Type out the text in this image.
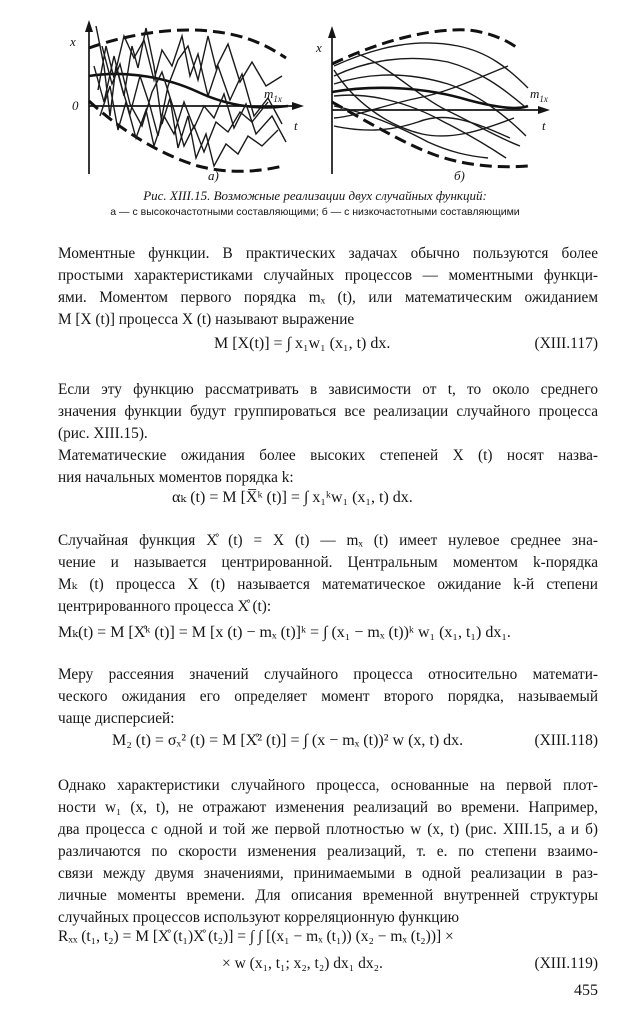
x
0
t
$m_{1x}$
а)
x
t
$m_{1x}$
б)
Рис. XIII.15. Возможные реализации двух случайных функций:
а — с высокочастотными составляющими; б — с низкочастотными составляющими
Моментные функции. В практических задачах обычно пользуются более
простыми характеристиками случайных процессов — моментными функци-
ями. Моментом первого порядка mₓ (t), или математическим ожиданием
M [X (t)] процесса X (t) называют выражение
M [X(t)] = ∫ x₁w₁ (x₁, t) dx.	(XIII.117)
Если эту функцию рассматривать в зависимости от t, то около среднего
значения функции будут группироваться все реализации случайного процесса
(рис. XIII.15).
Математические ожидания более высоких степеней X (t) носят назва-
ния начальных моментов порядка k:
αₖ (t) = M [X̅ᵏ (t)] = ∫ x₁ᵏw₁ (x₁, t) dx.
Случайная функция X̊ (t) = X (t) — mₓ (t) имеет нулевое среднее зна-
чение и называется центрированной. Центральным моментом k-порядка
Mₖ (t) процесса X (t) называется математическое ожидание k-й степени
центрированного процесса X̊ (t):
Mₖ(t) = M [X̊ᵏ (t)] = M [x (t) − mₓ (t)]ᵏ = ∫ (x₁ − mₓ (t))ᵏ w₁ (x₁, t₁) dx₁.
Меру рассеяния значений случайного процесса относительно математи-
ческого ожидания его определяет момент второго порядка, называемый
чаще дисперсией:
M₂ (t) = σₓ² (t) = M [X̊² (t)] = ∫ (x − mₓ (t))² w (x, t) dx.	(XIII.118)
Однако характеристики случайного процесса, основанные на первой плот-
ности w₁ (x, t), не отражают изменения реализаций во времени. Например,
два процесса с одной и той же первой плотностью w (x, t) (рис. XIII.15, а и б)
различаются по скорости изменения реализаций, т. е. по степени взаимо-
связи между двумя значениями, принимаемыми в одной реализации в раз-
личные моменты времени. Для описания временной внутренней структуры
случайных процессов используют корреляционную функцию
Rₓₓ (t₁, t₂) = M [X̊ (t₁)X̊ (t₂)] = ∫ ∫ [(x₁ − mₓ (t₁)) (x₂ − mₓ (t₂))] ×
× w (x₁, t₁; x₂, t₂) dx₁ dx₂.	(XIII.119)
455
